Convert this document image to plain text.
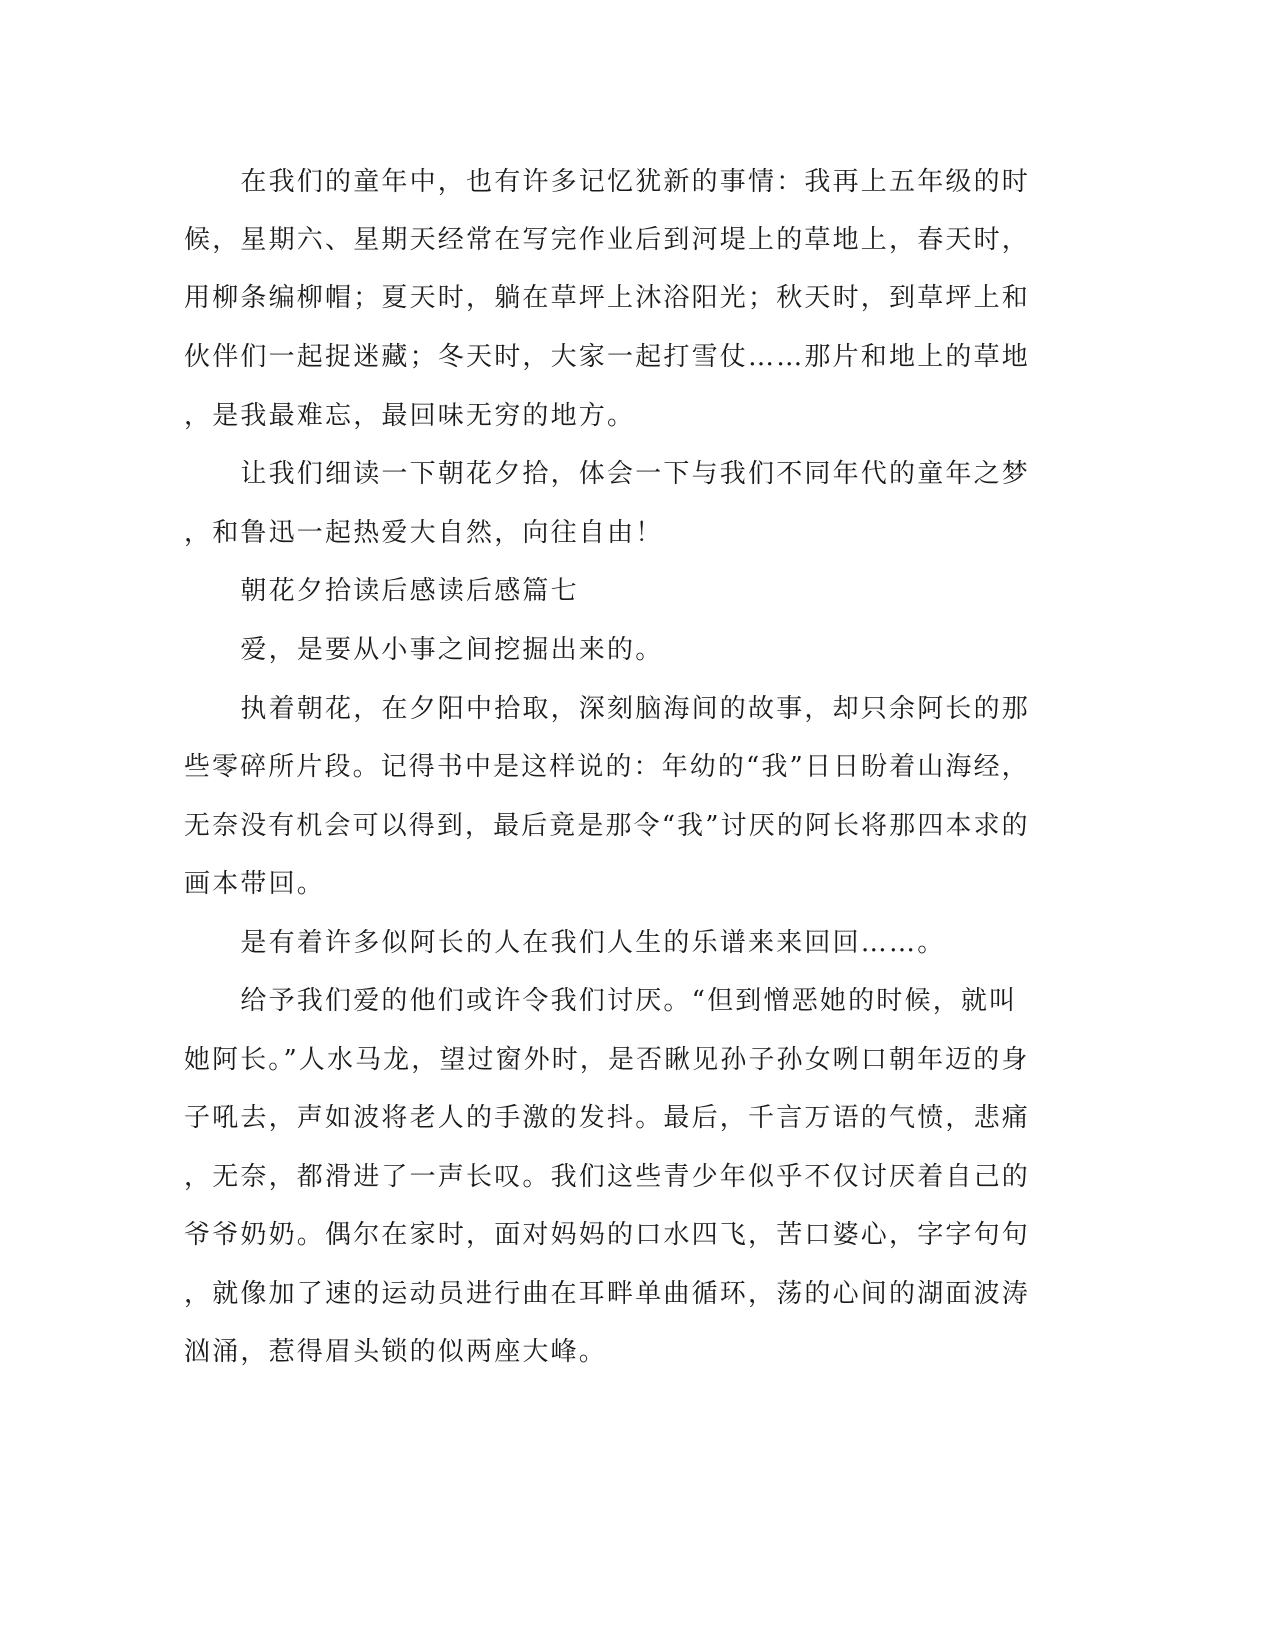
　　在我们的童年中，也有许多记忆犹新的事情：我再上五年级的时
候，星期六、星期天经常在写完作业后到河堤上的草地上，春天时，
用柳条编柳帽；夏天时，躺在草坪上沐浴阳光；秋天时，到草坪上和
伙伴们一起捉迷藏；冬天时，大家一起打雪仗……那片和地上的草地
，是我最难忘，最回味无穷的地方。
　　让我们细读一下朝花夕拾，体会一下与我们不同年代的童年之梦
，和鲁迅一起热爱大自然，向往自由！
　　朝花夕拾读后感读后感篇七
　　爱，是要从小事之间挖掘出来的。
　　执着朝花，在夕阳中拾取，深刻脑海间的故事，却只余阿长的那
些零碎所片段。记得书中是这样说的：年幼的“我”日日盼着山海经，
无奈没有机会可以得到，最后竟是那令“我”讨厌的阿长将那四本求的
画本带回。
　　是有着许多似阿长的人在我们人生的乐谱来来回回……。
　　给予我们爱的他们或许令我们讨厌。“但到憎恶她的时候，就叫
她阿长。”人水马龙，望过窗外时，是否瞅见孙子孙女咧口朝年迈的身
子吼去，声如波将老人的手激的发抖。最后，千言万语的气愤，悲痛
，无奈，都滑进了一声长叹。我们这些青少年似乎不仅讨厌着自己的
爷爷奶奶。偶尔在家时，面对妈妈的口水四飞，苦口婆心，字字句句
，就像加了速的运动员进行曲在耳畔单曲循环，荡的心间的湖面波涛
汹涌，惹得眉头锁的似两座大峰。
